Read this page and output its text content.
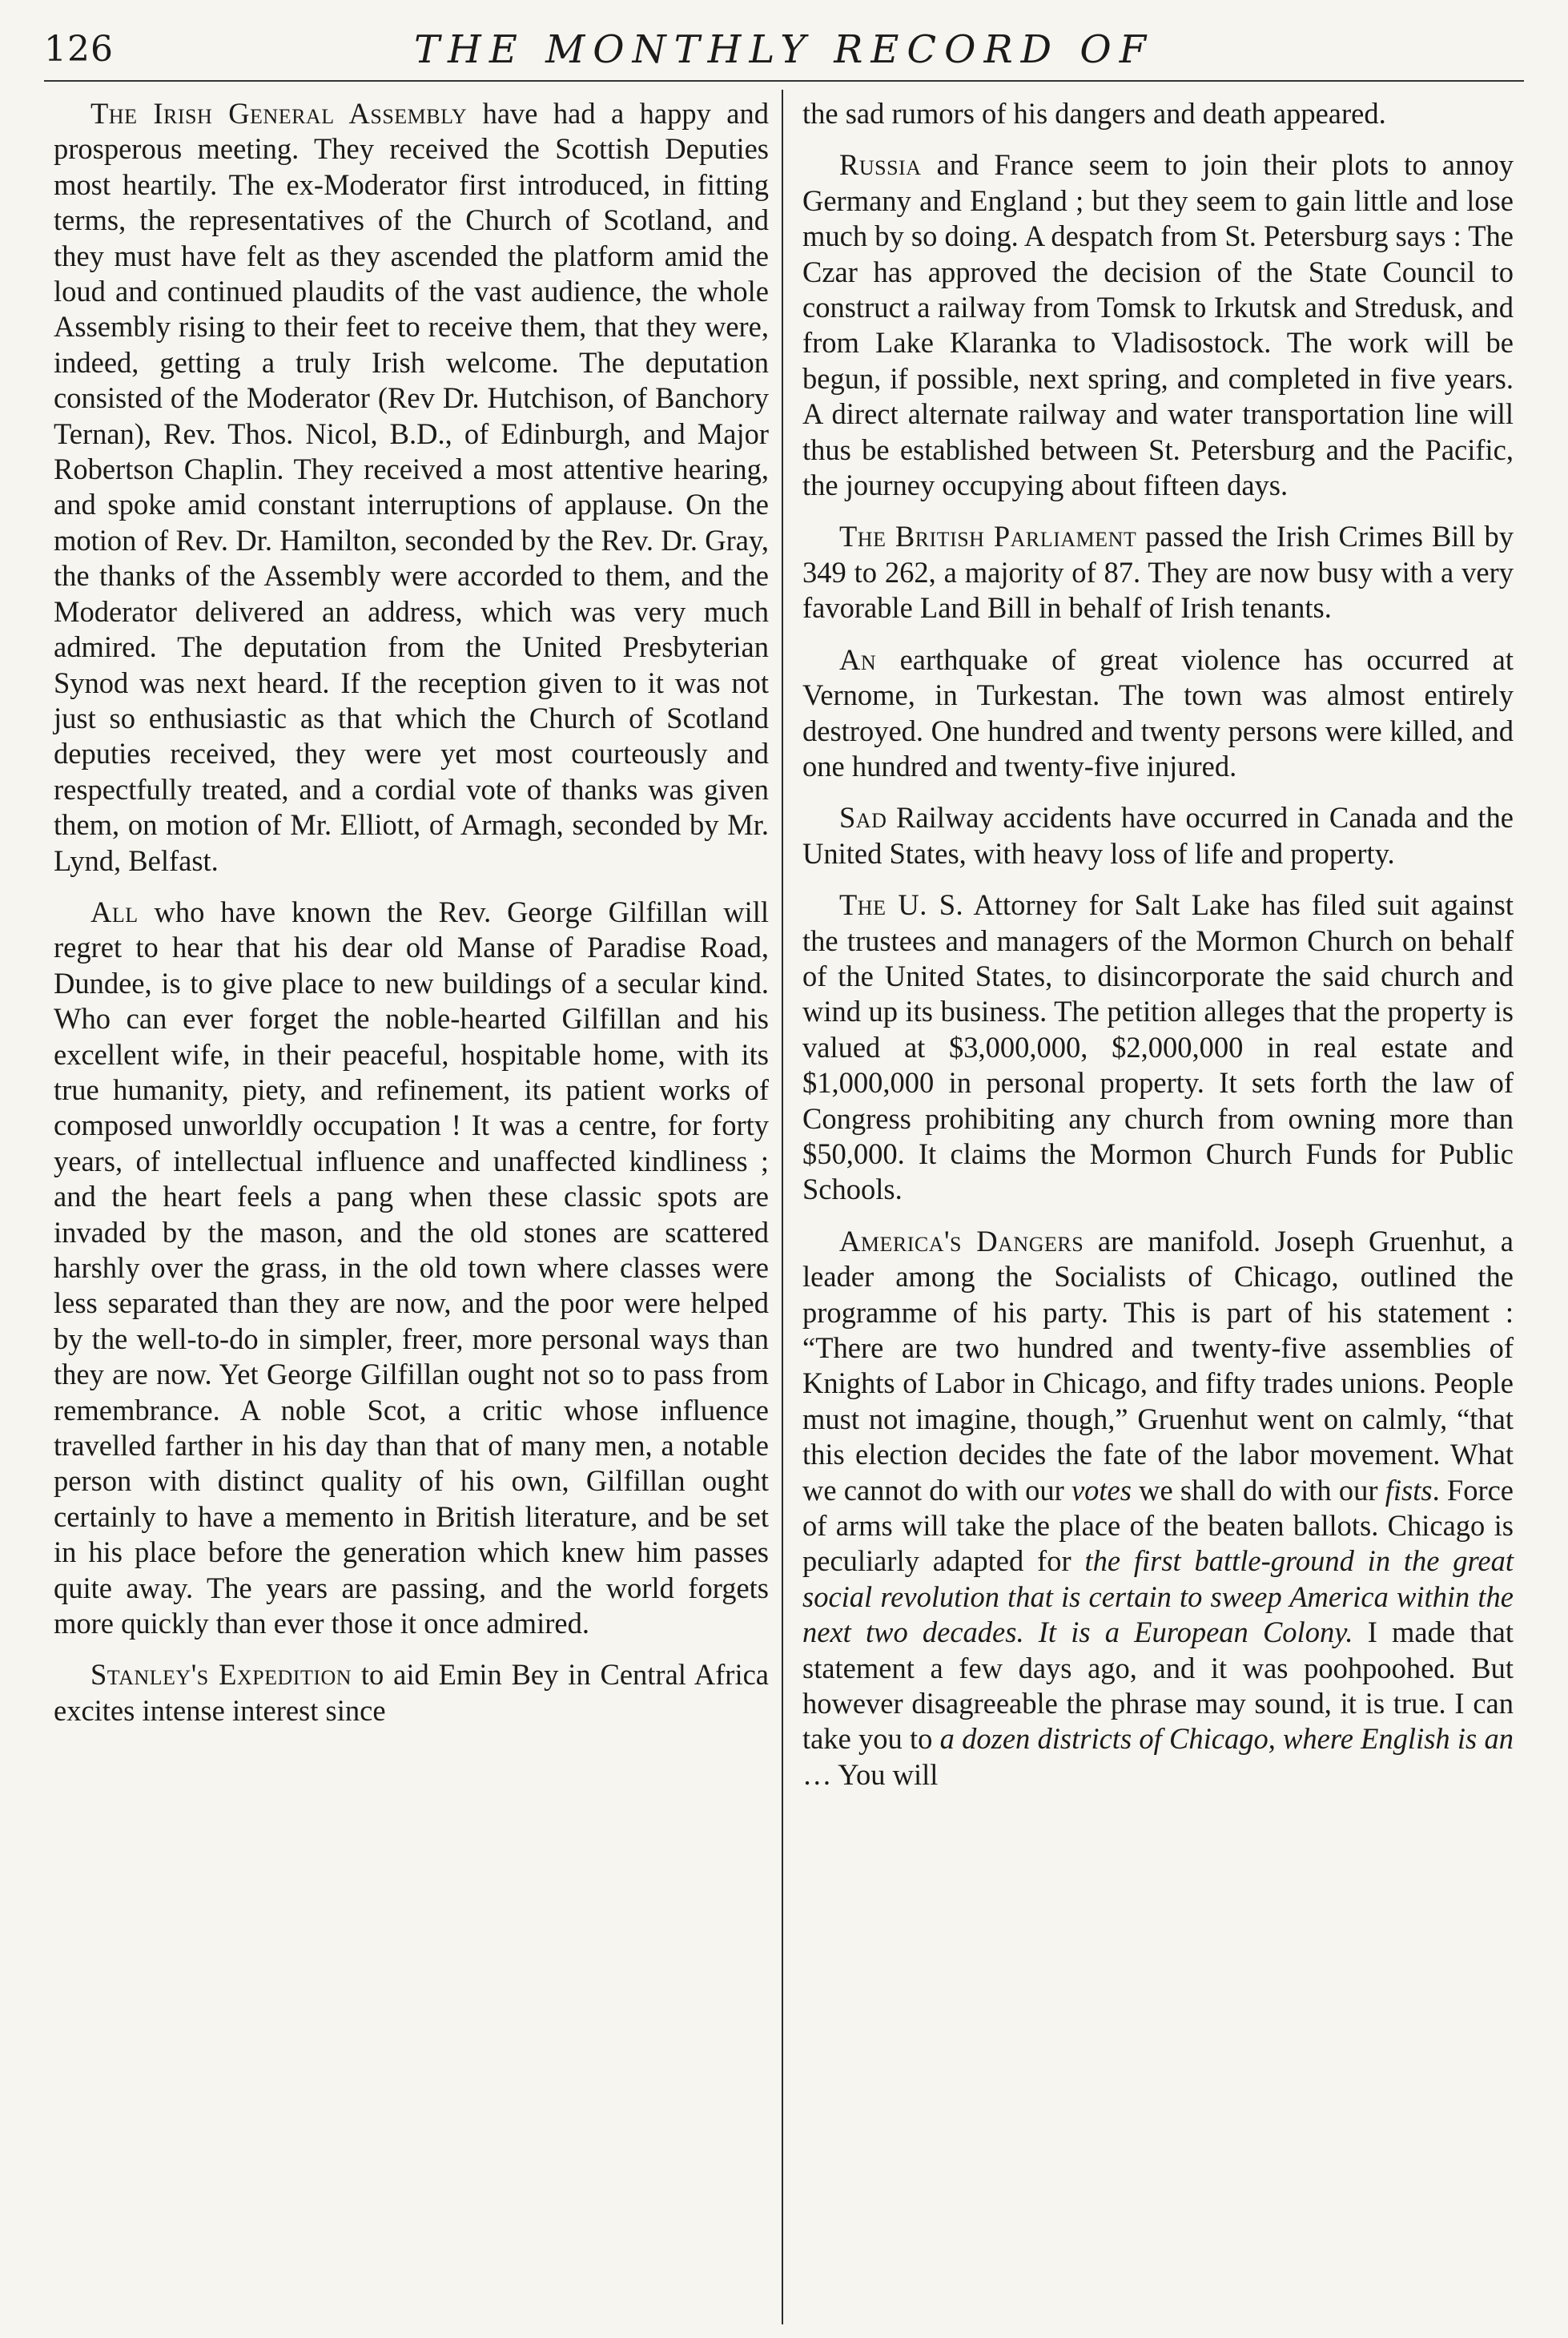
126	THE MONTHLY RECORD OF

The Irish General Assembly have had a happy and prosperous meeting. They received the Scottish Deputies most heartily. The ex-Moderator first introduced, in fitting terms, the representatives of the Church of Scotland, and they must have felt as they ascended the platform amid the loud and continued plaudits of the vast audience, the whole Assembly rising to their feet to receive them, that they were, indeed, getting a truly Irish welcome. The deputation consisted of the Moderator (Rev Dr. Hutchison, of Banchory Ternan), Rev. Thos. Nicol, B.D., of Edinburgh, and Major Robertson Chaplin. They received a most attentive hearing, and spoke amid constant interruptions of applause. On the motion of Rev. Dr. Hamilton, seconded by the Rev. Dr. Gray, the thanks of the Assembly were accorded to them, and the Moderator delivered an address, which was very much admired. The deputation from the United Presbyterian Synod was next heard. If the reception given to it was not just so enthusiastic as that which the Church of Scotland deputies received, they were yet most courteously and respectfully treated, and a cordial vote of thanks was given them, on motion of Mr. Elliott, of Armagh, seconded by Mr. Lynd, Belfast.

All who have known the Rev. George Gilfillan will regret to hear that his dear old Manse of Paradise Road, Dundee, is to give place to new buildings of a secular kind. Who can ever forget the noble-hearted Gilfillan and his excellent wife, in their peaceful, hospitable home, with its true humanity, piety, and refinement, its patient works of composed unworldly occupation ! It was a centre, for forty years, of intellectual influence and unaffected kindliness ; and the heart feels a pang when these classic spots are invaded by the mason, and the old stones are scattered harshly over the grass, in the old town where classes were less separated than they are now, and the poor were helped by the well-to-do in simpler, freer, more personal ways than they are now. Yet George Gilfillan ought not so to pass from remembrance. A noble Scot, a critic whose influence travelled farther in his day than that of many men, a notable person with distinct quality of his own, Gilfillan ought certainly to have a memento in British literature, and be set in his place before the generation which knew him passes quite away. The years are passing, and the world forgets more quickly than ever those it once admired.

Stanley's Expedition to aid Emin Bey in Central Africa excites intense interest since

the sad rumors of his dangers and death appeared.

Russia and France seem to join their plots to annoy Germany and England ; but they seem to gain little and lose much by so doing. A despatch from St. Petersburg says : The Czar has approved the decision of the State Council to construct a railway from Tomsk to Irkutsk and Stredusk, and from Lake Klaranka to Vladisostock. The work will be begun, if possible, next spring, and completed in five years. A direct alternate railway and water transportation line will thus be established between St. Petersburg and the Pacific, the journey occupying about fifteen days.

The British Parliament passed the Irish Crimes Bill by 349 to 262, a majority of 87. They are now busy with a very favorable Land Bill in behalf of Irish tenants.

An earthquake of great violence has occurred at Vernome, in Turkestan. The town was almost entirely destroyed. One hundred and twenty persons were killed, and one hundred and twenty-five injured.

Sad Railway accidents have occurred in Canada and the United States, with heavy loss of life and property.

The U. S. Attorney for Salt Lake has filed suit against the trustees and managers of the Mormon Church on behalf of the United States, to disincorporate the said church and wind up its business. The petition alleges that the property is valued at $3,000,000, $2,000,000 in real estate and $1,000,000 in personal property. It sets forth the law of Congress prohibiting any church from owning more than $50,000. It claims the Mormon Church Funds for Public Schools.

America's Dangers are manifold. Joseph Gruenhut, a leader among the Socialists of Chicago, outlined the programme of his party. This is part of his statement : “There are two hundred and twenty-five assemblies of Knights of Labor in Chicago, and fifty trades unions. People must not imagine, though,” Gruenhut went on calmly, “that this election decides the fate of the labor movement. What we cannot do with our votes we shall do with our fists. Force of arms will take the place of the beaten ballots. Chicago is peculiarly adapted for the first battle-ground in the great social revolution that is certain to sweep America within the next two decades. It is a European Colony. I made that statement a few days ago, and it was poohpoohed. But however disagreeable the phrase may sound, it is true. I can take you to a dozen districts of Chicago, where English is an … You will
